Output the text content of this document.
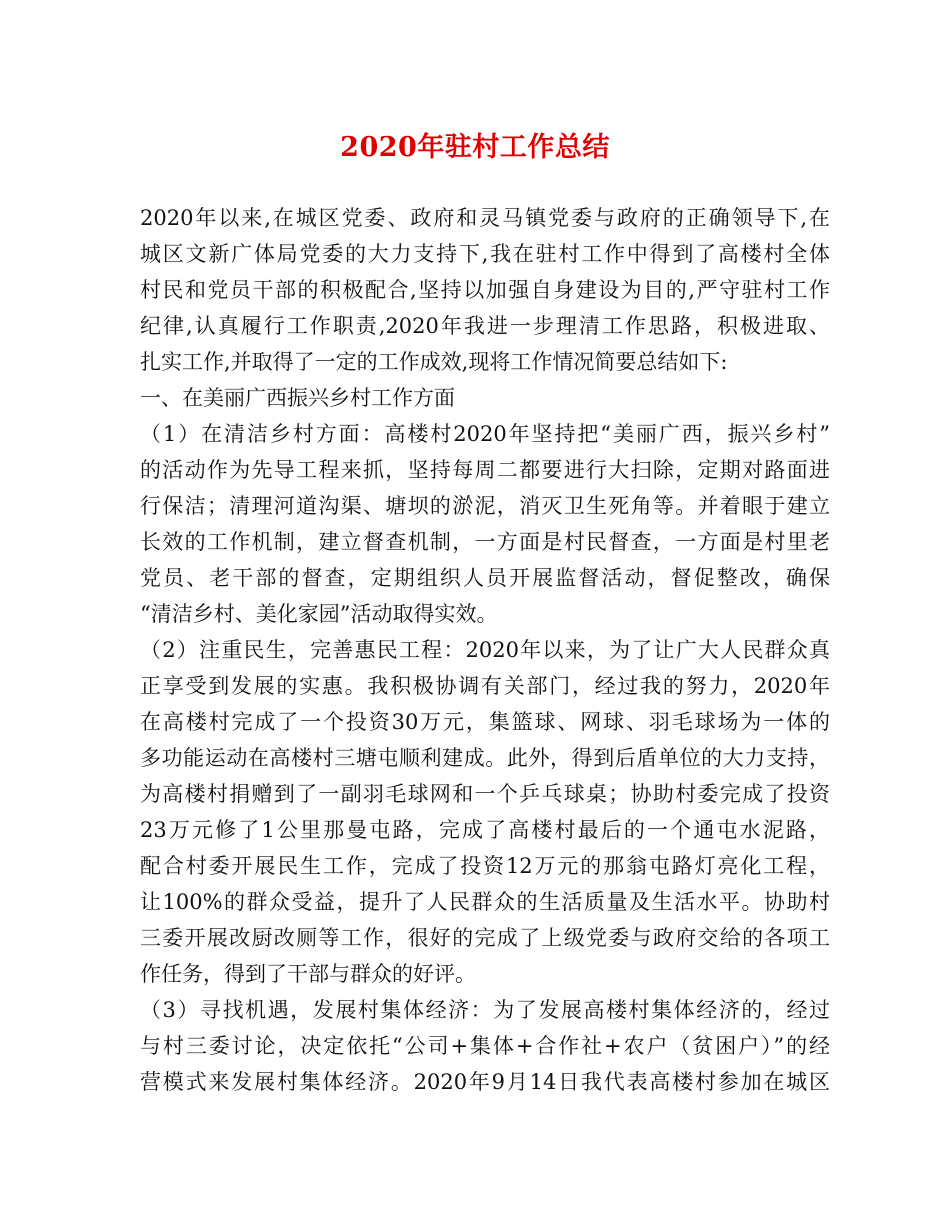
2020年驻村工作总结
2020年以来,在城区党委、政府和灵马镇党委与政府的正确领导下,在
城区文新广体局党委的大力支持下,我在驻村工作中得到了高楼村全体
村民和党员干部的积极配合,坚持以加强自身建设为目的,严守驻村工作
纪律,认真履行工作职责,2020年我进一步理清工作思路，积极进取、
扎实工作,并取得了一定的工作成效,现将工作情况简要总结如下:
一、在美丽广西振兴乡村工作方面
（1）在清洁乡村方面：高楼村2020年坚持把“美丽广西，振兴乡村”
的活动作为先导工程来抓，坚持每周二都要进行大扫除，定期对路面进
行保洁；清理河道沟渠、塘坝的淤泥，消灭卫生死角等。并着眼于建立
长效的工作机制，建立督查机制，一方面是村民督查，一方面是村里老
党员、老干部的督查，定期组织人员开展监督活动，督促整改，确保
“清洁乡村、美化家园”活动取得实效。
（2）注重民生，完善惠民工程：2020年以来，为了让广大人民群众真
正享受到发展的实惠。我积极协调有关部门，经过我的努力，2020年
在高楼村完成了一个投资30万元，集篮球、网球、羽毛球场为一体的
多功能运动在高楼村三塘屯顺利建成。此外，得到后盾单位的大力支持，
为高楼村捐赠到了一副羽毛球网和一个乒乓球桌；协助村委完成了投资
23万元修了1公里那曼屯路，完成了高楼村最后的一个通屯水泥路，
配合村委开展民生工作，完成了投资12万元的那翁屯路灯亮化工程，
让100%的群众受益，提升了人民群众的生活质量及生活水平。协助村
三委开展改厨改厕等工作，很好的完成了上级党委与政府交给的各项工
作任务，得到了干部与群众的好评。
（3）寻找机遇，发展村集体经济：为了发展高楼村集体经济的，经过
与村三委讨论，决定依托“公司+集体+合作社+农户（贫困户）”的经
营模式来发展村集体经济。2020年9月14日我代表高楼村参加在城区
